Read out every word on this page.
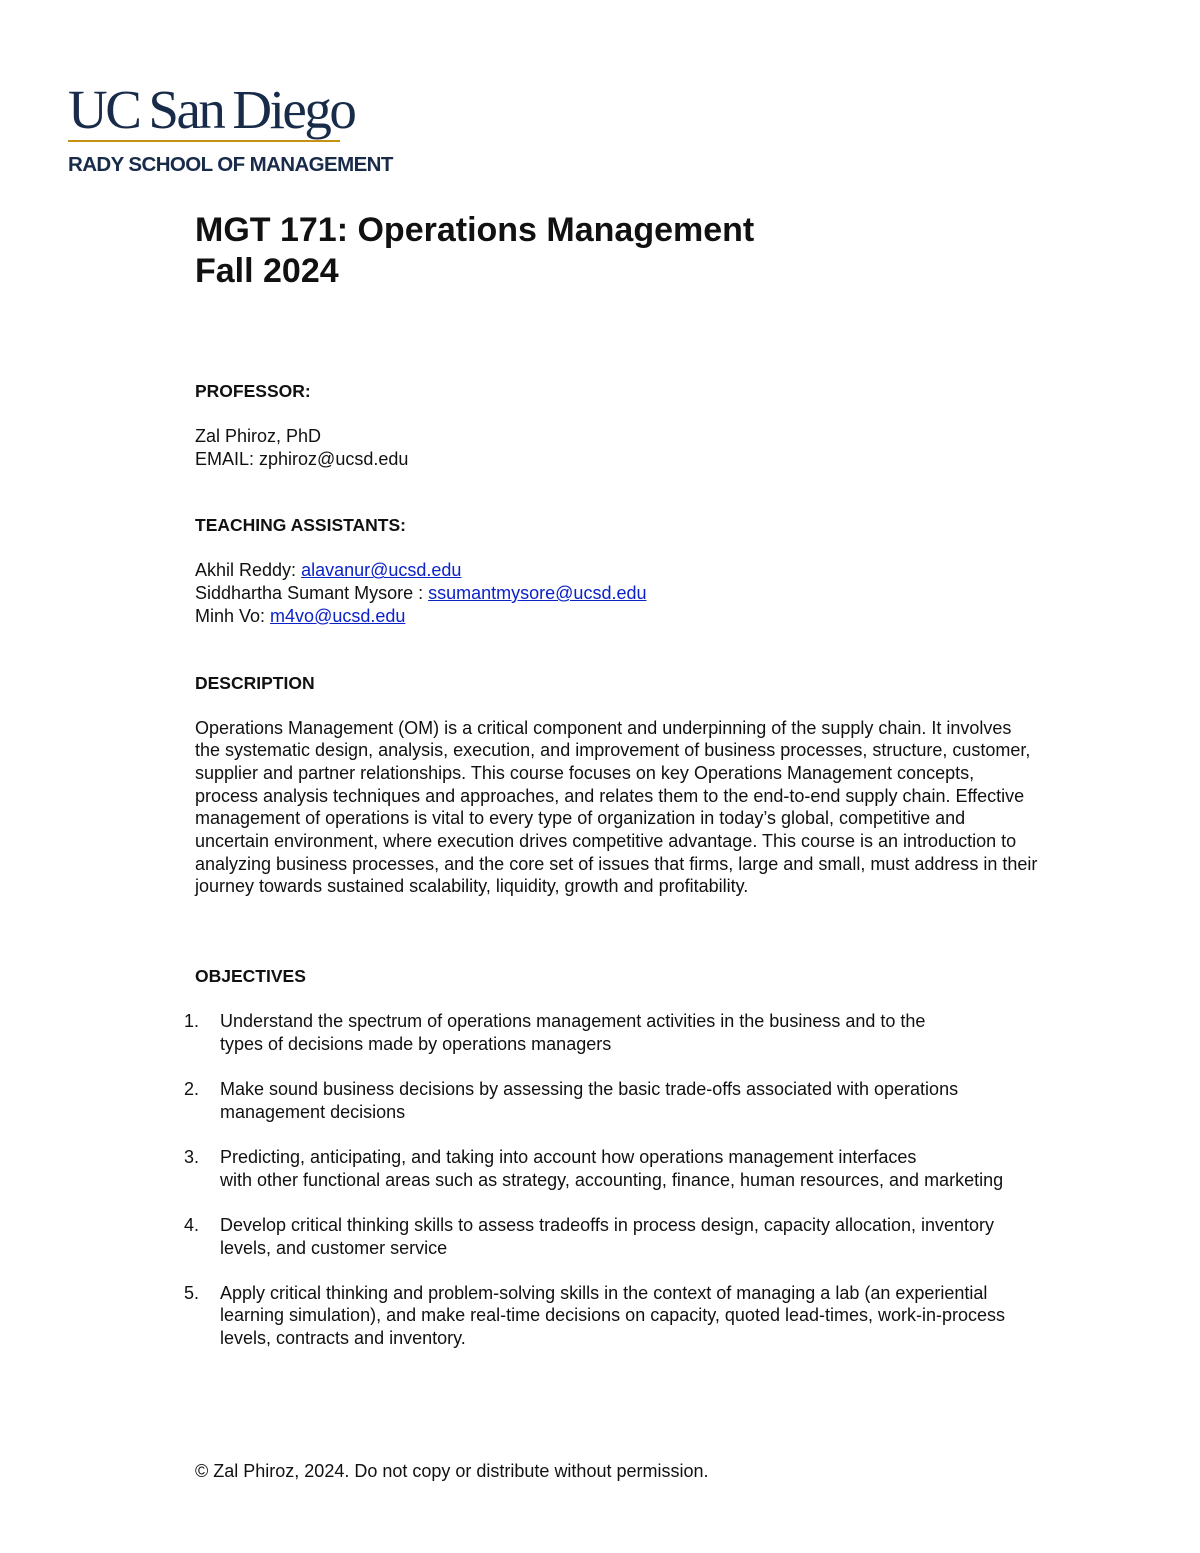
UC San Diego
RADY SCHOOL OF MANAGEMENT
MGT 171: Operations Management
Fall 2024
PROFESSOR:

Zal Phiroz, PhD

EMAIL: zphiroz@ucsd.edu

TEACHING ASSISTANTS:

Akhil Reddy: alavanur@ucsd.edu

Siddhartha Sumant Mysore : ssumantmysore@ucsd.edu

Minh Vo: m4vo@ucsd.edu

DESCRIPTION

Operations Management (OM) is a critical component and underpinning of the supply chain. It involves

the systematic design, analysis, execution, and improvement of business processes, structure, customer,

supplier and partner relationships. This course focuses on key Operations Management concepts,

process analysis techniques and approaches, and relates them to the end-to-end supply chain. Effective

management of operations is vital to every type of organization in today’s global, competitive and

uncertain environment, where execution drives competitive advantage. This course is an introduction to

analyzing business processes, and the core set of issues that firms, large and small, must address in their

journey towards sustained scalability, liquidity, growth and profitability.

OBJECTIVES
1. Understand the spectrum of operations management activities in the business and to the
types of decisions made by operations managers
2. Make sound business decisions by assessing the basic trade-offs associated with operations
management decisions
3. Predicting, anticipating, and taking into account how operations management interfaces
with other functional areas such as strategy, accounting, finance, human resources, and marketing
4. Develop critical thinking skills to assess tradeoffs in process design, capacity allocation, inventory
levels, and customer service
5. Apply critical thinking and problem-solving skills in the context of managing a lab (an experiential
learning simulation), and make real-time decisions on capacity, quoted lead-times, work-in-process
levels, contracts and inventory.
© Zal Phiroz, 2024. Do not copy or distribute without permission.
